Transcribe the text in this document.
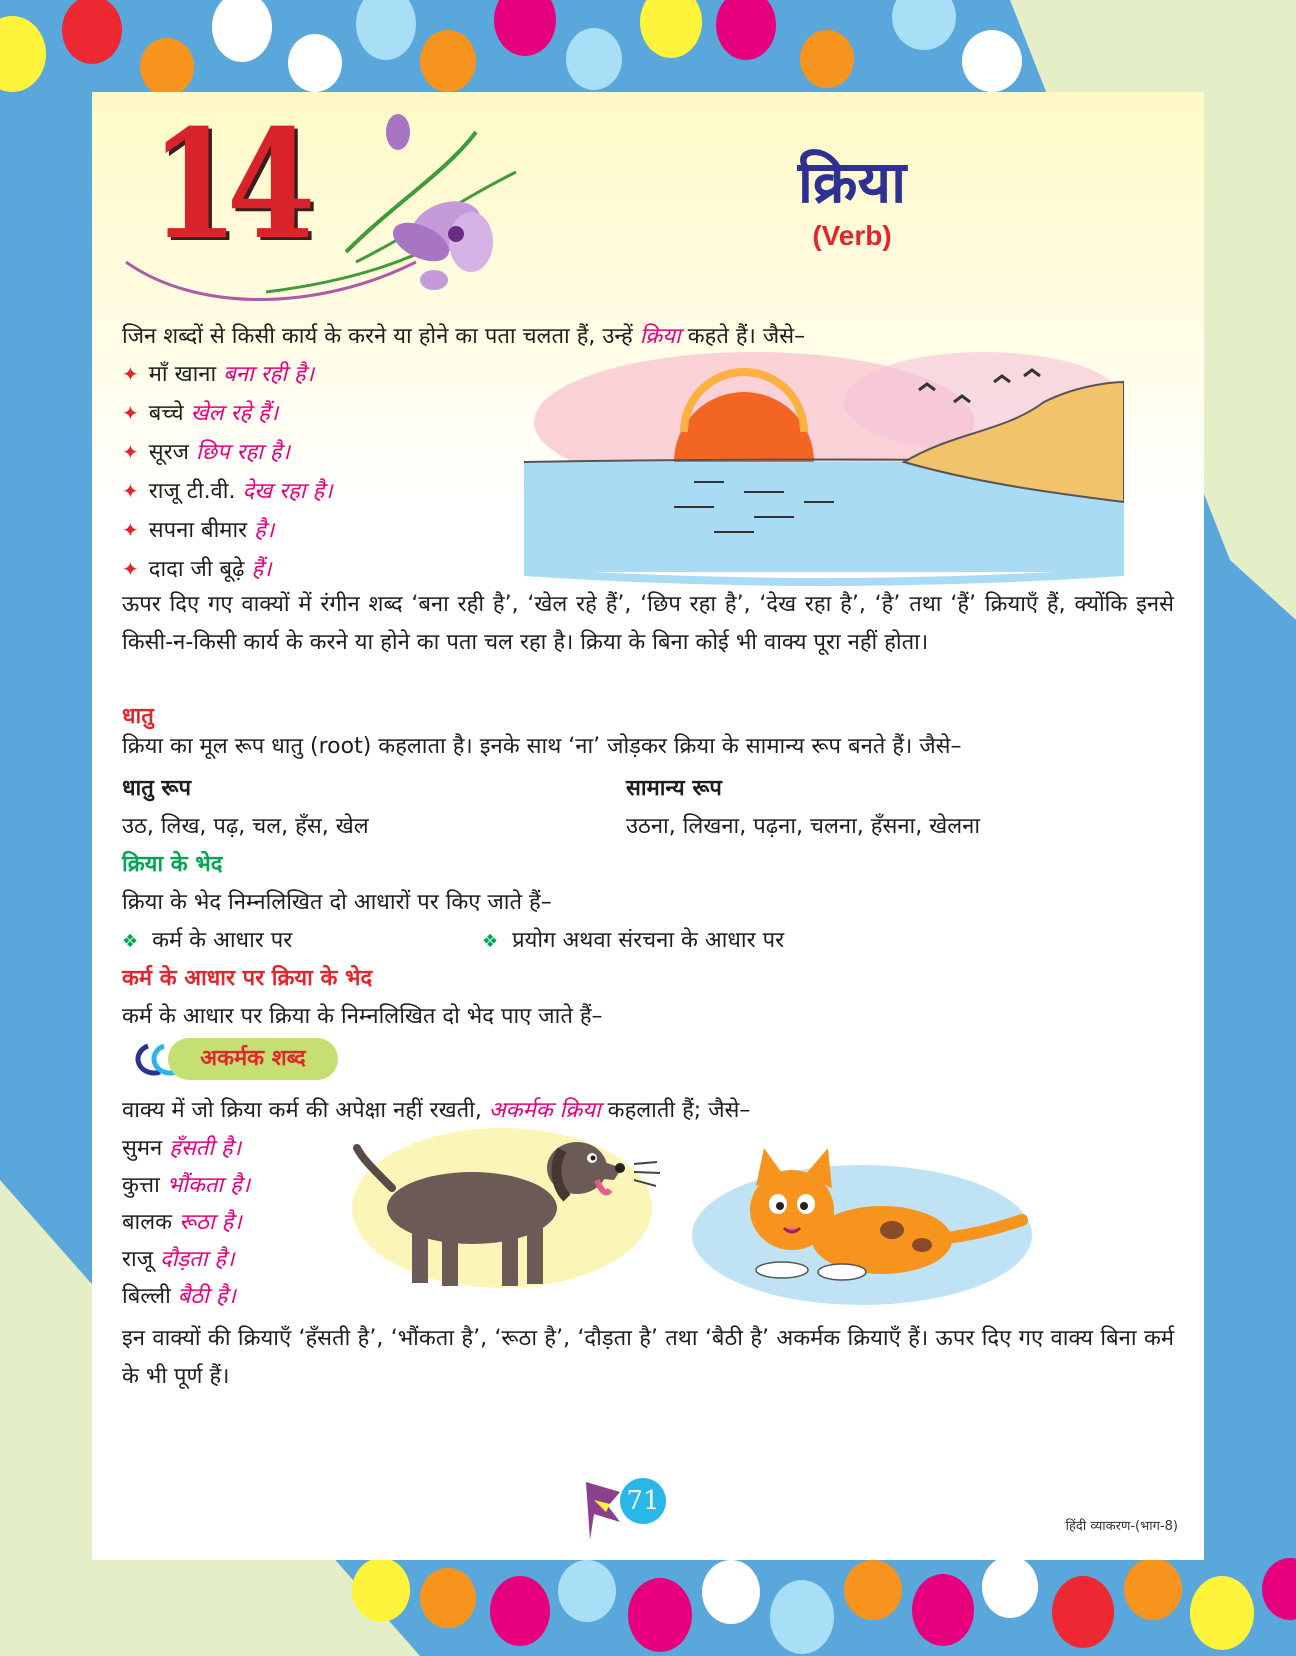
14	क्रिया
(Verb)
जिन शब्दों से किसी कार्य के करने या होने का पता चलता हैं, उन्हें क्रिया कहते हैं। जैसे–
✦ माँ खाना बना रही है।
✦ बच्चे खेल रहे हैं।
✦ सूरज छिप रहा है।
✦ राजू टी.वी. देख रहा है।
✦ सपना बीमार है।
✦ दादा जी बूढ़े हैं।
ऊपर दिए गए वाक्यों में रंगीन शब्द ‘बना रही है’, ‘खेल रहे हैं’, ‘छिप रहा है’, ‘देख रहा है’, ‘है’ तथा ‘हैं’ क्रियाएँ हैं, क्योंकि इनसे किसी-न-किसी कार्य के करने या होने का पता चल रहा है। क्रिया के बिना कोई भी वाक्य पूरा नहीं होता।
धातु
क्रिया का मूल रूप धातु (root) कहलाता है। इनके साथ ‘ना’ जोड़कर क्रिया के सामान्य रूप बनते हैं। जैसे–
धातु रूप	सामान्य रूप
उठ, लिख, पढ़, चल, हँस, खेल	उठना, लिखना, पढ़ना, चलना, हँसना, खेलना
क्रिया के भेद
क्रिया के भेद निम्नलिखित दो आधारों पर किए जाते हैं–
❖ कर्म के आधार पर	❖ प्रयोग अथवा संरचना के आधार पर
कर्म के आधार पर क्रिया के भेद
कर्म के आधार पर क्रिया के निम्नलिखित दो भेद पाए जाते हैं–
अकर्मक शब्द
वाक्य में जो क्रिया कर्म की अपेक्षा नहीं रखती, अकर्मक क्रिया कहलाती हैं; जैसे–
सुमन हँसती है।
कुत्ता भौंकता है।
बालक रूठा है।
राजू दौड़ता है।
बिल्ली बैठी है।
इन वाक्यों की क्रियाएँ ‘हँसती है’, ‘भौंकता है’, ‘रूठा है’, ‘दौड़ता है’ तथा ‘बैठी है’ अकर्मक क्रियाएँ हैं। ऊपर दिए गए वाक्य बिना कर्म के भी पूर्ण हैं।
71
हिंदी व्याकरण-(भाग-8)
